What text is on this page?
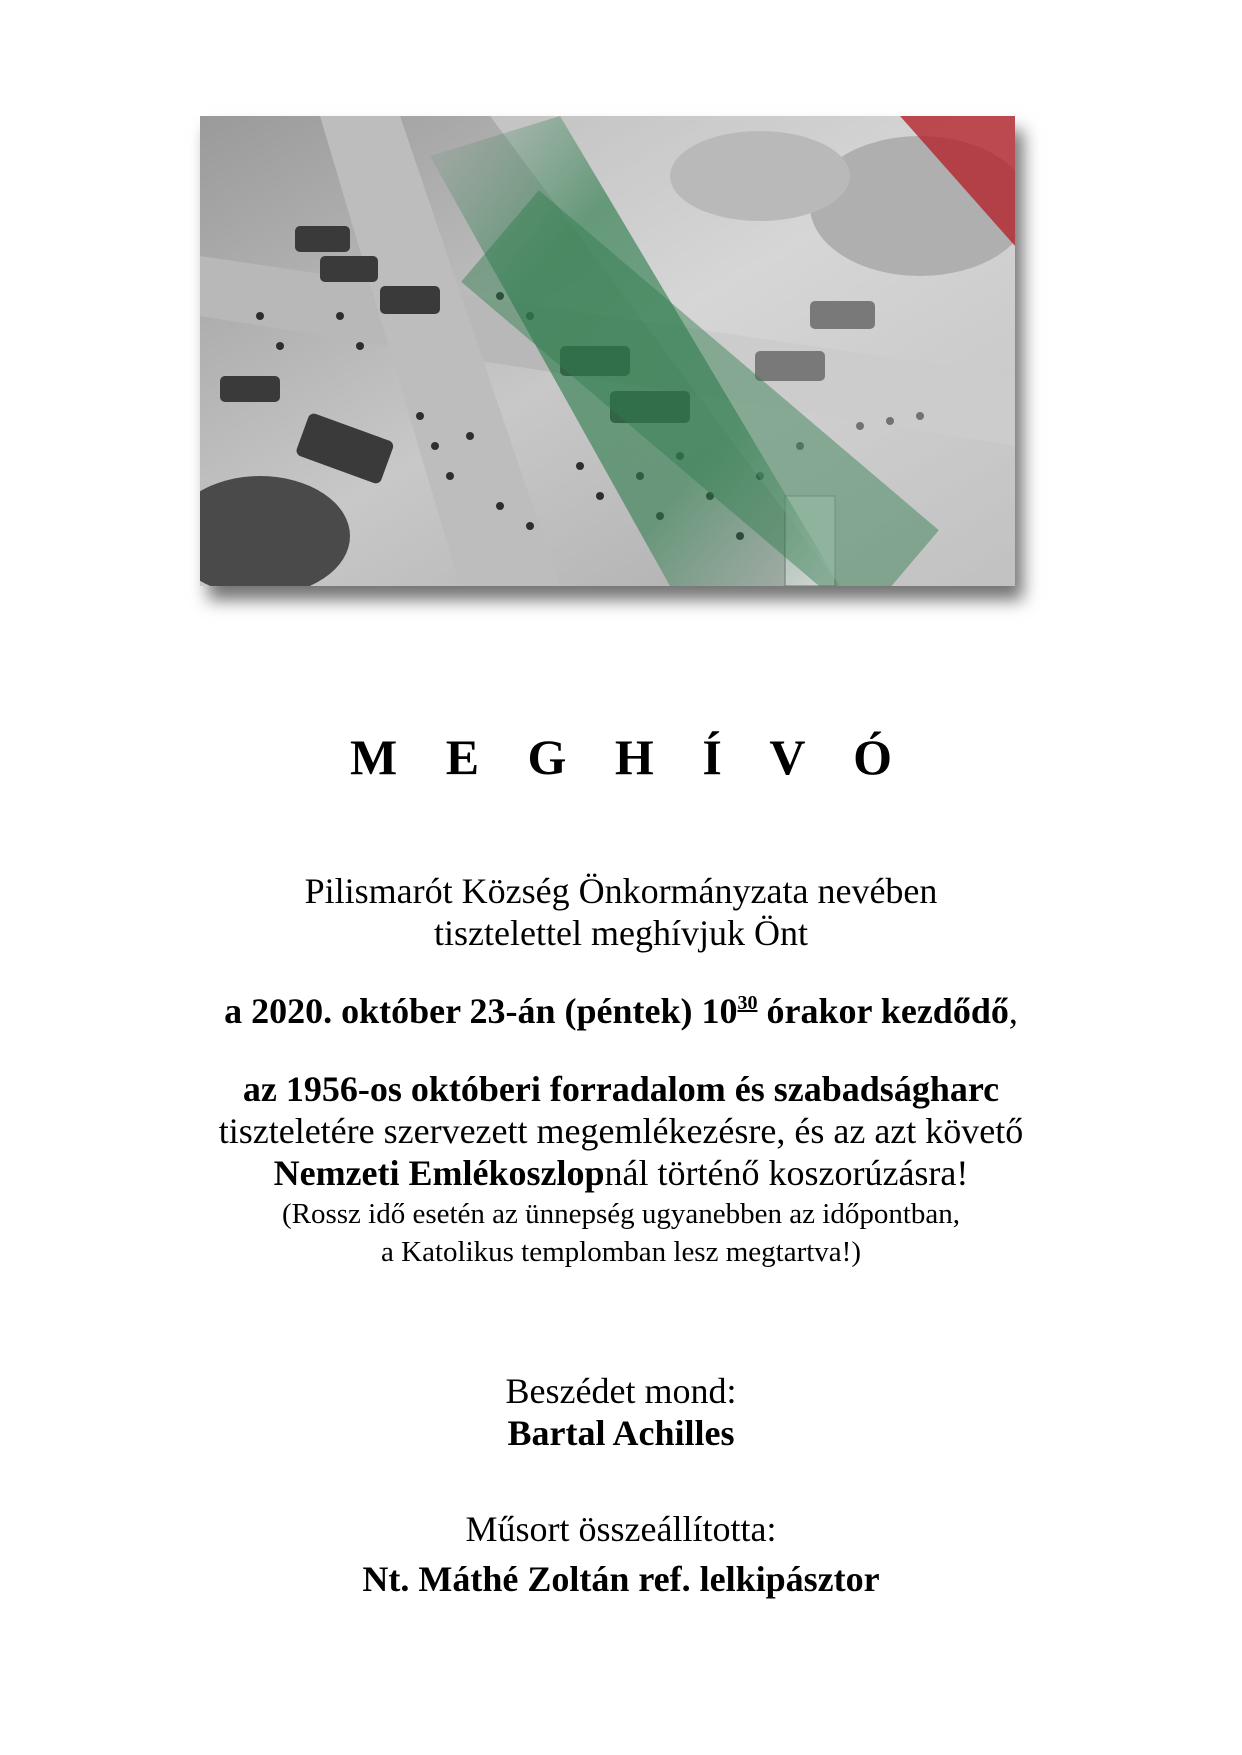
M E G H Í V Ó
Pilismarót Község Önkormányzata nevében
tisztelettel meghívjuk Önt
a 2020. október 23-án (péntek) $10^{30}$ órakor kezdődő,
az 1956-os októberi forradalom és szabadságharc
tiszteletére szervezett megemlékezésre, és az azt követő
Nemzeti Emlékoszlopnál történő koszorúzásra!
(Rossz idő esetén az ünnepség ugyanebben az időpontban,
a Katolikus templomban lesz megtartva!)
Beszédet mond:
Bartal Achilles
Műsort összeállította:
Nt. Máthé Zoltán ref. lelkipásztor
